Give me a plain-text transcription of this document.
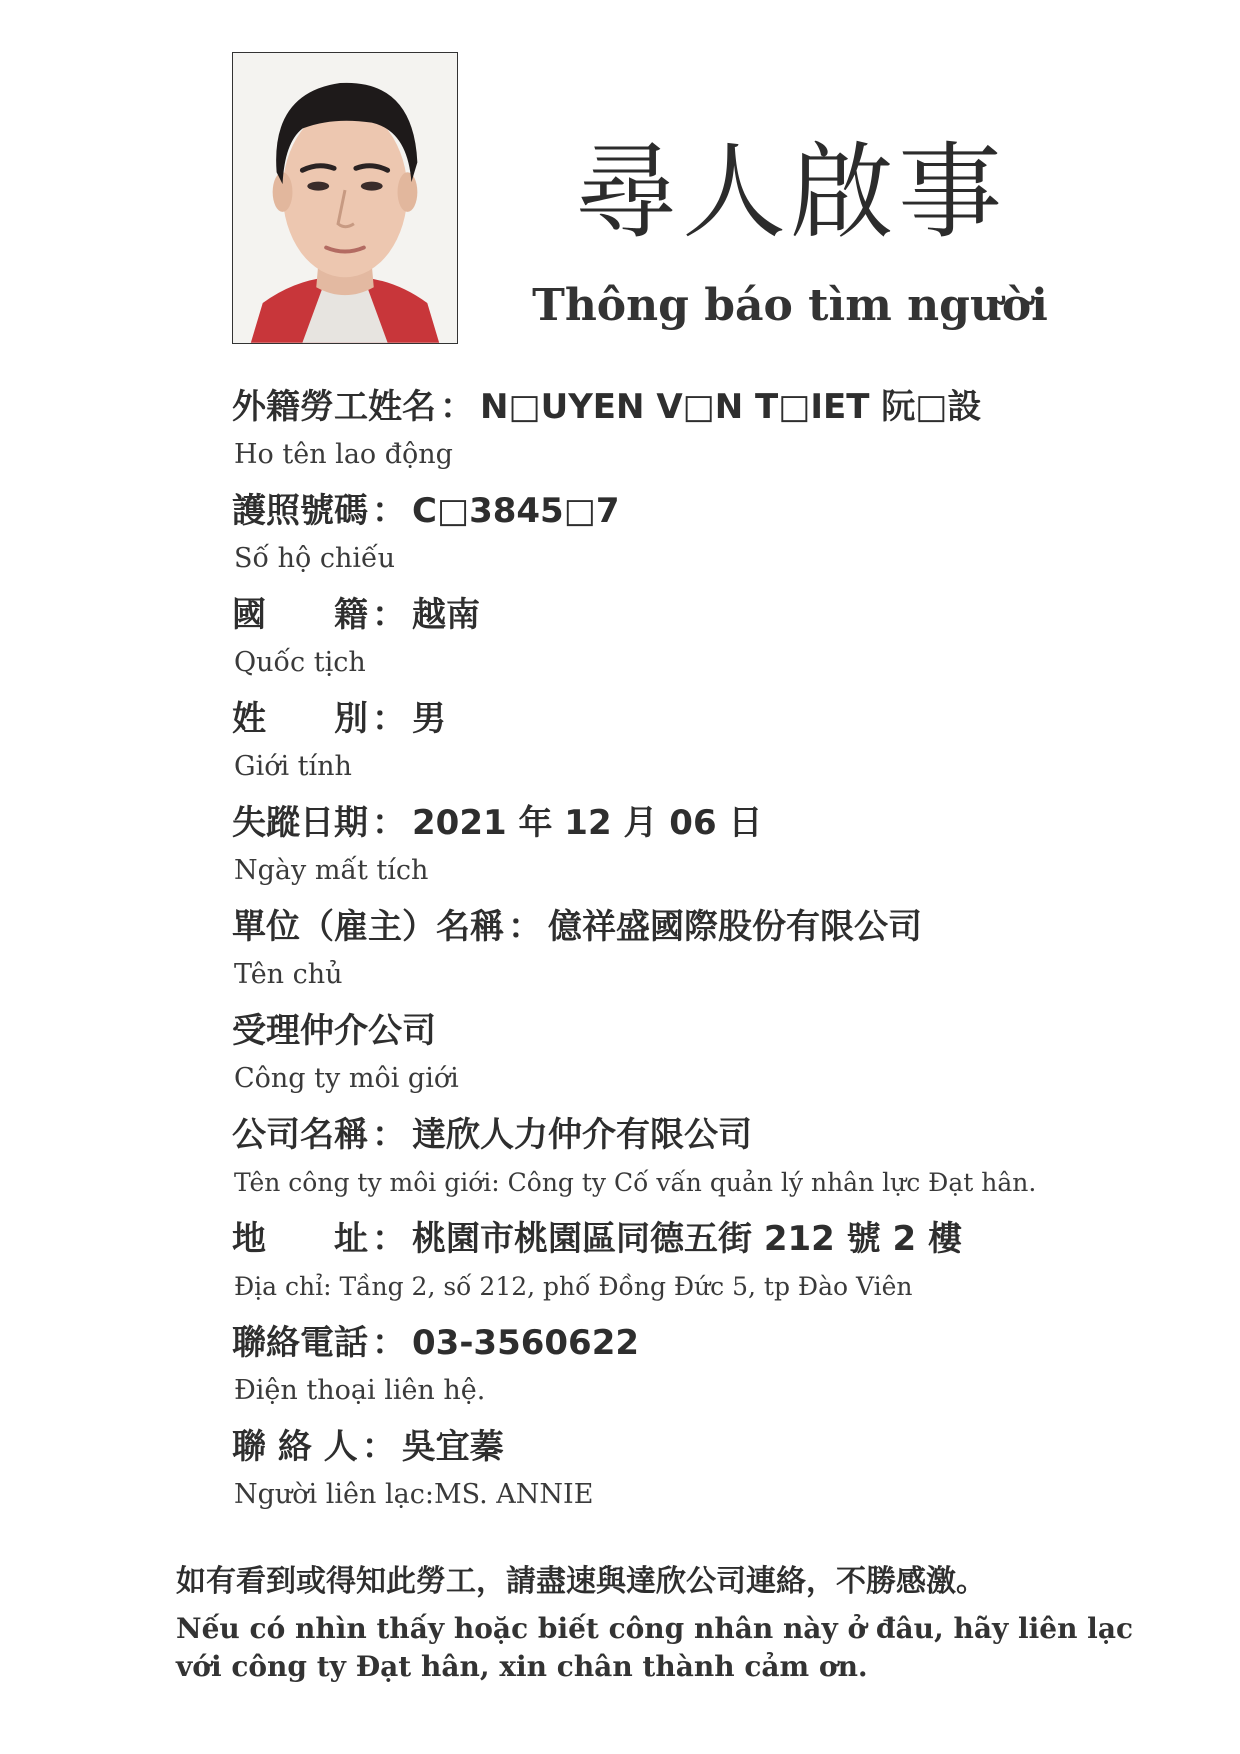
尋人啟事
Thông báo tìm người
外籍勞工姓名 ： N□UYEN V□N T□IET 阮□設
Ho tên lao động
護照號碼 ： C□3845□7
Số hộ chiếu
國　　籍 ： 越南
Quốc tịch
姓　　別 ： 男
Giới tính
失蹤日期 ： 2021 年 12 月 06 日
Ngày mất tích
單位（雇主）名稱 ： 億祥盛國際股份有限公司
Tên chủ
受理仲介公司
Công ty môi giới
公司名稱 ： 達欣人力仲介有限公司
Tên công ty môi giới: Công ty Cố vấn quản lý nhân lực Đạt hân.
地　　址 ： 桃園市桃園區同德五街 212 號 2 樓
Địa chỉ: Tầng 2, số 212, phố Đồng Đức 5, tp Đào Viên
聯絡電話 ： 03-3560622
Điện thoại liên hệ.
聯 絡 人 ： 吳宜蓁
Người liên lạc:MS. ANNIE
如有看到或得知此勞工，請盡速與達欣公司連絡，不勝感激。
Nếu có nhìn thấy hoặc biết công nhân này ở đâu, hãy liên lạc với công ty Đạt hân, xin chân thành cảm ơn.
